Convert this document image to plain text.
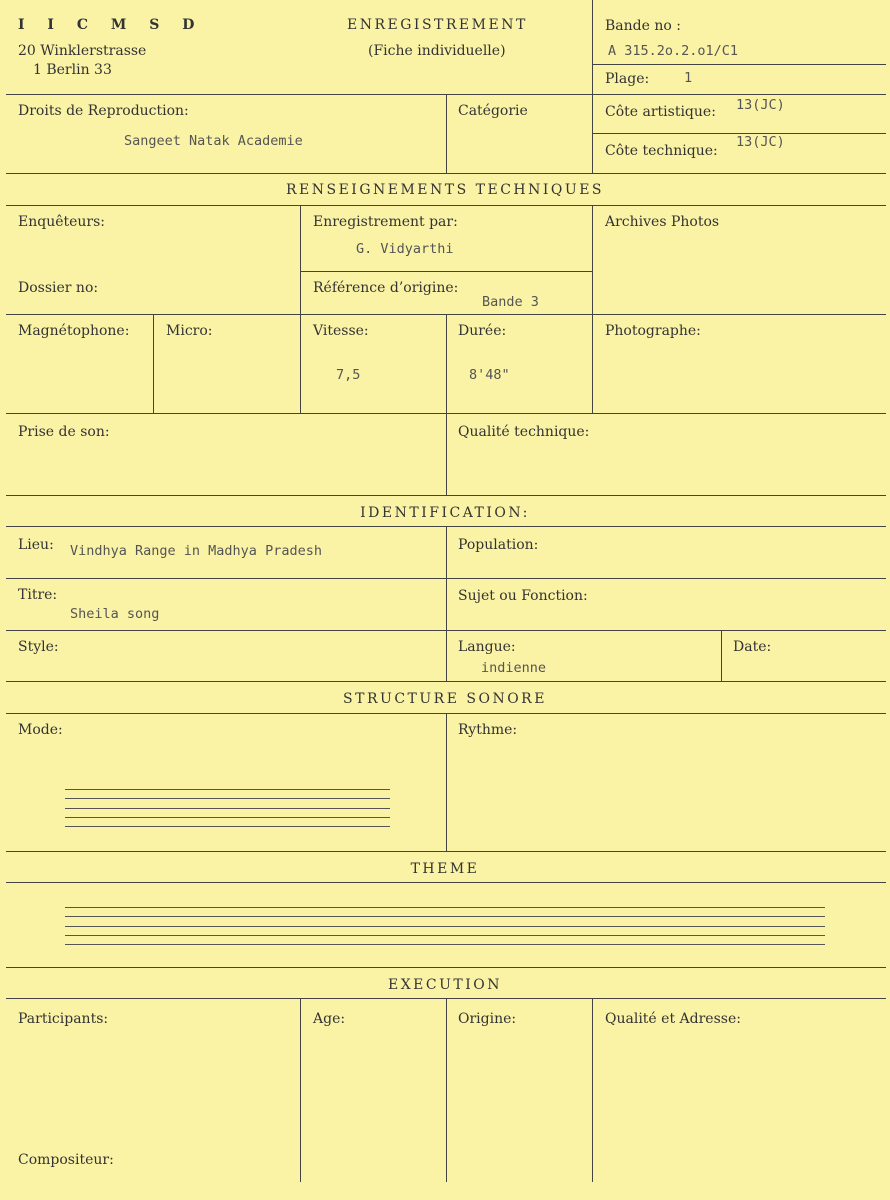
I I C M S D
20 Winklerstrasse
1 Berlin 33
ENREGISTREMENT
(Fiche individuelle)
Bande no :
A 315.2o.2.o1/C1
Plage:	1
Droits de Reproduction:
Sangeet Natak Academie
Catégorie	Côte artistique: 13(JC)
Côte technique:
13(JC)
RENSEIGNEMENTS TECHNIQUES
Enquêteurs:	Enregistrement par:
G. Vidyarthi
Archives Photos
Dossier no:	Référence d’origine:
Bande 3
Magnétophone:	Micro:	Vitesse:
7,5
Durée:
8'48"
Photographe:
Prise de son:	Qualité technique:
IDENTIFICATION:
Lieu: Vindhya Range in Madhya Pradesh	Population:
Titre:
Sheila song
Sujet ou Fonction:
Style:	Langue:
indienne
Date:
STRUCTURE SONORE
Mode:	Rythme:
THEME
EXECUTION
Participants:	Age:	Origine:	Qualité et Adresse:
Compositeur:
